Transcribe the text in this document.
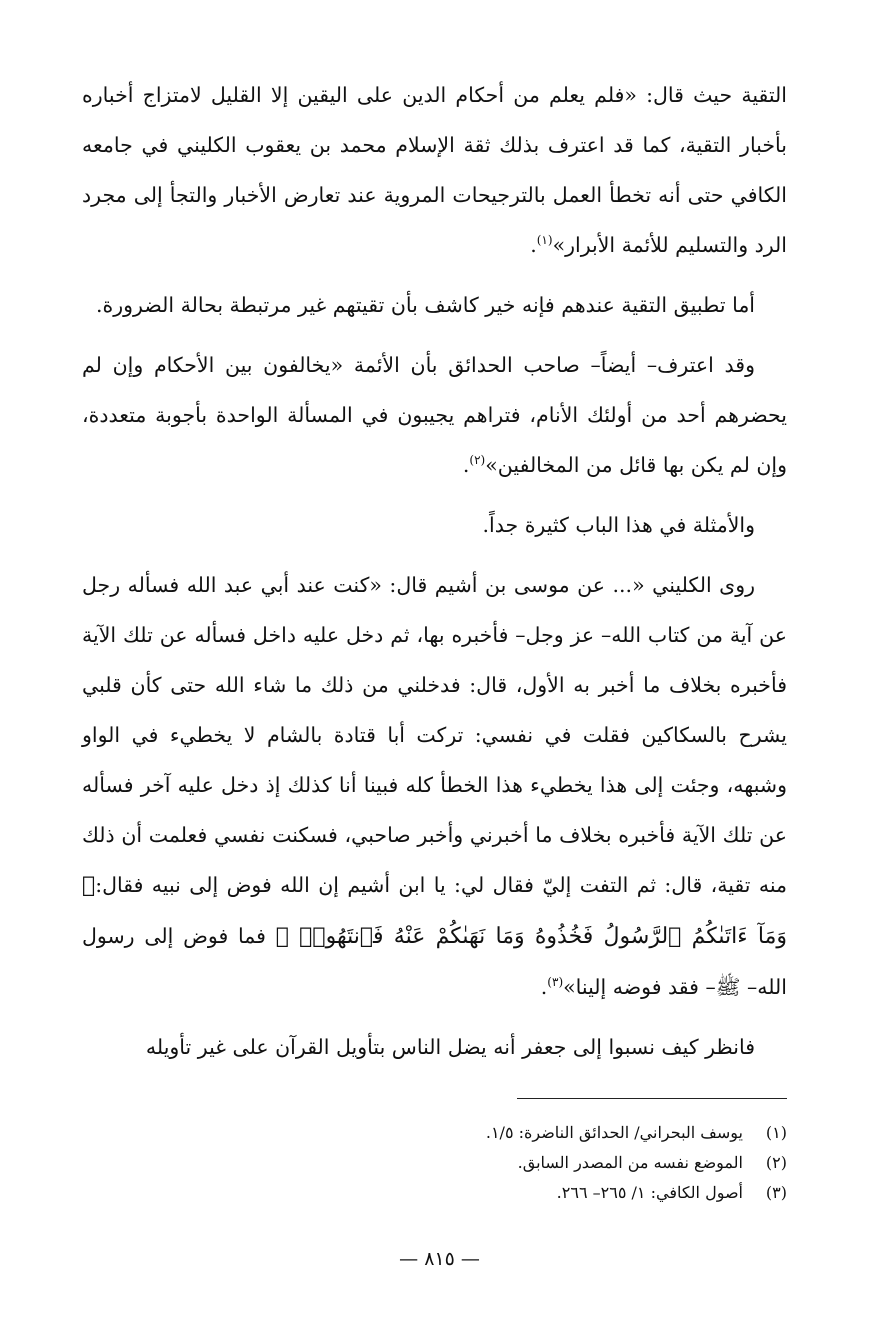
التقية حيث قال: «فلم يعلم من أحكام الدين على اليقين إلا القليل لامتزاج أخباره بأخبار التقية، كما قد اعترف بذلك ثقة الإسلام محمد بن يعقوب الكليني في جامعه الكافي حتى أنه تخطأ العمل بالترجيحات المروية عند تعارض الأخبار والتجأ إلى مجرد الرد والتسليم للأئمة الأبرار»$^{(١)}$.

أما تطبيق التقية عندهم فإنه خير كاشف بأن تقيتهم غير مرتبطة بحالة الضرورة.

وقد اعترف– أيضاً– صاحب الحدائق بأن الأئمة «يخالفون بين الأحكام وإن لم يحضرهم أحد من أولئك الأنام، فتراهم يجيبون في المسألة الواحدة بأجوبة متعددة، وإن لم يكن بها قائل من المخالفين»$^{(٢)}$.

والأمثلة في هذا الباب كثيرة جداً.

روى الكليني «... عن موسى بن أشيم قال: «كنت عند أبي عبد الله فسأله رجل عن آية من كتاب الله– عز وجل– فأخبره بها، ثم دخل عليه داخل فسأله عن تلك الآية فأخبره بخلاف ما أخبر به الأول، قال: فدخلني من ذلك ما شاء الله حتى كأن قلبي يشرح بالسكاكين فقلت في نفسي: تركت أبا قتادة بالشام لا يخطيء في الواو وشبهه، وجئت إلى هذا يخطيء هذا الخطأ كله فبينا أنا كذلك إذ دخل عليه آخر فسأله عن تلك الآية فأخبره بخلاف ما أخبرني وأخبر صاحبي، فسكنت نفسي فعلمت أن ذلك منه تقية، قال: ثم التفت إليّ فقال لي: يا ابن أشيم إن الله فوض إلى نبيه فقال:﴿ وَمَآ ءَاتَىٰكُمُ ٱلرَّسُولُ فَخُذُوهُ وَمَا نَهَىٰكُمْ عَنْهُ فَٱنتَهُوا۟ ﴾ فما فوض إلى رسول الله– ﷺ– فقد فوضه إلينا»$^{(٣)}$.

فانظر كيف نسبوا إلى جعفر أنه يضل الناس بتأويل القرآن على غير تأويله

(١)
يوسف البحراني/ الحدائق الناضرة: ١/٥.
(٢)
الموضع نفسه من المصدر السابق.
(٣)
أصول الكافي: ١/ ٢٦٥– ٢٦٦.
— ٨١٥ —
